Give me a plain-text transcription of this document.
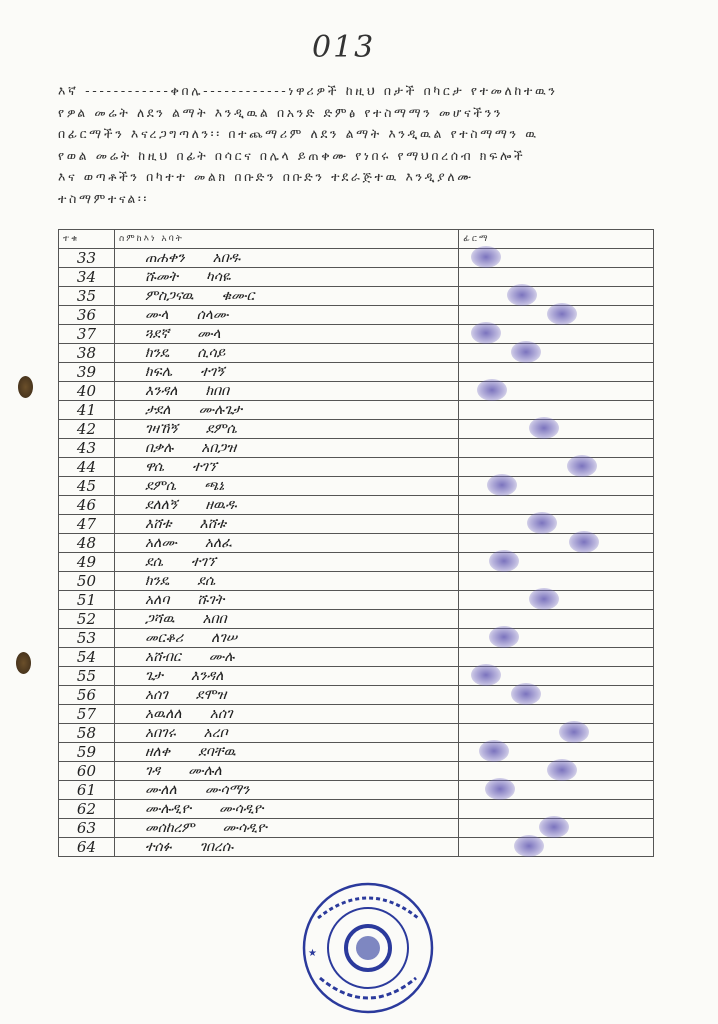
013
እኛ ------------ቀበሌ------------ነዋሪዎች ከዚህ በታች በካርታ የተመለከተዉን
የዎል መሬት ለደን ልማት እንዲዉል በአንድ ድምፅ የተስማማን መሆናችንን
በፊርማችን እናረጋግጣለን፡፡ በተጨማሪም ለደን ልማት እንዲዉል የተስማማን ዉ
የወል መሬት ከዚህ በፊት በሳርና በሌላ ይጠቀሙ የነበሩ የማህበረሰብ ክፍሎች
እና ወጣቶችን በካተተ መልክ በቡድን በቡድን ተደራጅተዉ እንዲያለሙ
ተስማምተናል፡፡
ተቁ	ስምከእነ አባት	ፊርማ
33	ጠሐቀን አበዱ	

34	ሹመት ካሳዬ	
35	ምስጋናዉ ቁሙር	

36	ሙላ ሰላሙ	

37	ጓደኛ ሙላ	

38	ክንዴ ሲሳይ	

39	ክፍሌ ተገኝ	
40	እንዳለ ክበበ	

41	ታደለ ሙሉጌታ	
42	ገዛኸኝ ደምሴ	

43	በቃሉ አበጋዝ	
44	ዋሴ ተገኘ	

45	ደምሴ ጫኔ	

46	ደለለኝ ዘዉዱ	
47	እሸቱ እሸቱ	

48	አለሙ አለፈ	

49	ደሴ ተገኘ	

50	ክንዴ ደሴ	
51	አለባ ሹገት	

52	ጋሻዉ አበበ	
53	መርቆሪ ለገሠ	

54	አሸብር ሙሉ	
55	ጌታ እንዳለ	

56	አሰገ ደሞዝ	

57	አዉለለ አሰገ	
58	አበገሩ አረቦ	

59	ዘለቀ ደባቸዉ	

60	ገዳ ሙሉለ	

61	ሙለለ ሙሳማን	

62	ሙሉዲዮ ሙሳዲዮ	
63	መሰከረም ሙሳዲዮ	

64	ተሰፉ ገበረሱ	
★
